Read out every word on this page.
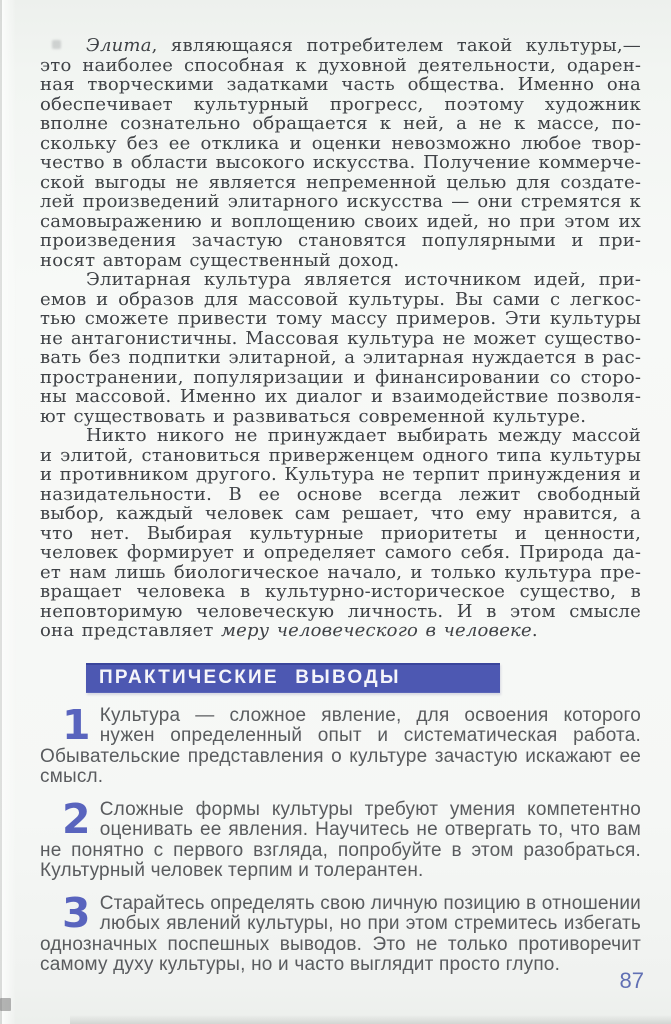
Элита, являющаяся потребителем такой культуры,— это наиболее способная к духовной деятельности, одаренная творческими задатками часть общества. Именно она обеспечивает культурный прогресс, поэтому художник вполне сознательно обращается к ней, а не к массе, поскольку без ее отклика и оценки невозможно любое творчество в области высокого искусства. Получение коммерческой выгоды не является непременной целью для создателей произведений элитарного искусства — они стремятся к самовыражению и воплощению своих идей, но при этом их произведения зачастую становятся популярными и приносят авторам существенный доход.

Элитарная культура является источником идей, приемов и образов для массовой культуры. Вы сами с легкостью сможете привести тому массу примеров. Эти культуры не антагонистичны. Массовая культура не может существовать без подпитки элитарной, а элитарная нуждается в распространении, популяризации и финансировании со стороны массовой. Именно их диалог и взаимодействие позволяют существовать и развиваться современной культуре.

Никто никого не принуждает выбирать между массой и элитой, становиться приверженцем одного типа культуры и противником другого. Культура не терпит принуждения и назидательности. В ее основе всегда лежит свободный выбор, каждый человек сам решает, что ему нравится, а что нет. Выбирая культурные приоритеты и ценности, человек формирует и определяет самого себя. Природа дает нам лишь биологическое начало, и только культура превращает человека в культурно-историческое существо, в неповторимую человеческую личность. И в этом смысле она представляет меру человеческого в человеке.

ПРАКТИЧЕСКИЕ ВЫВОДЫ
1 Культура — сложное явление, для освоения которого нужен определенный опыт и систематическая работа. Обывательские представления о культуре зачастую искажают ее смысл.
2 Сложные формы культуры требуют умения компетентно оценивать ее явления. Научитесь не отвергать то, что вам не понятно с первого взгляда, попробуйте в этом разобраться. Культурный человек терпим и толерантен.
3 Старайтесь определять свою личную позицию в отношении любых явлений культуры, но при этом стремитесь избегать однозначных поспешных выводов. Это не только противоречит самому духу культуры, но и часто выглядит просто глупо.
87
